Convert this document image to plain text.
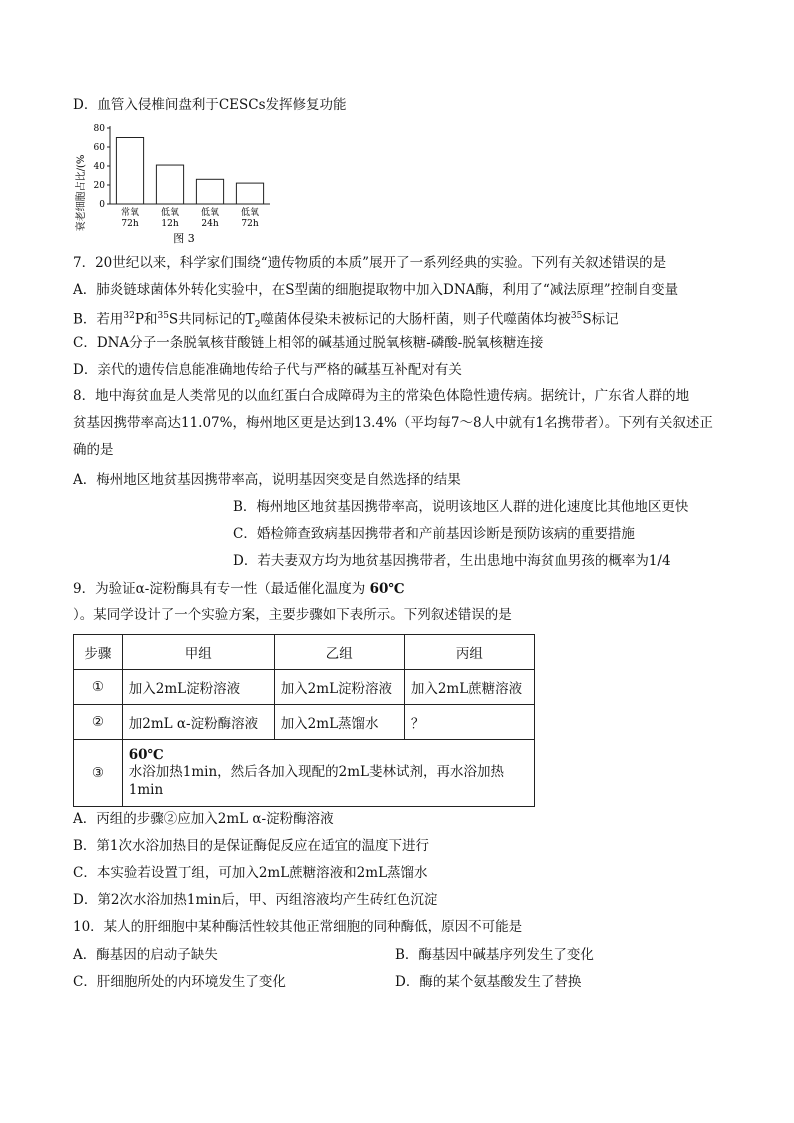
D．血管入侵椎间盘利于CESCs发挥修复功能
衰老细胞占比/(% 0
20
40
60
80
常氧
72h
低氧
12h
低氧
24h
低氧
72h
图 3
7．20世纪以来，科学家们围绕“遗传物质的本质”展开了一系列经典的实验。下列有关叙述错误的是
A．肺炎链球菌体外转化实验中，在S型菌的细胞提取物中加入DNA酶，利用了“减法原理”控制自变量
B．若用$^{32}$P和$^{35}$S共同标记的$T_2$噬菌体侵染未被标记的大肠杆菌，则子代噬菌体均被$^{35}$S标记
C．DNA分子一条脱氧核苷酸链上相邻的碱基通过脱氧核糖-磷酸-脱氧核糖连接
D．亲代的遗传信息能准确地传给子代与严格的碱基互补配对有关
8．地中海贫血是人类常见的以血红蛋白合成障碍为主的常染色体隐性遗传病。据统计，广东省人群的地
贫基因携带率高达11.07%，梅州地区更是达到13.4%（平均每7～8人中就有1名携带者）。下列有关叙述正
确的是
A．梅州地区地贫基因携带率高，说明基因突变是自然选择的结果
B．梅州地区地贫基因携带率高，说明该地区人群的进化速度比其他地区更快
C．婚检筛查致病基因携带者和产前基因诊断是预防该病的重要措施
D．若夫妻双方均为地贫基因携带者，生出患地中海贫血男孩的概率为1/4
9．为验证α-淀粉酶具有专一性（最适催化温度为 60℃
）。某同学设计了一个实验方案，主要步骤如下表所示。下列叙述错误的是
步骤	甲组	乙组	丙组
①	加入2mL淀粉溶液	加入2mL淀粉溶液	加入2mL蔗糖溶液
②	加2mL α-淀粉酶溶液	加入2mL蒸馏水	？
③	60℃
水浴加热1min，然后各加入现配的2mL斐林试剂，再水浴加热1min		
A．丙组的步骤②应加入2mL α-淀粉酶溶液
B．第1次水浴加热目的是保证酶促反应在适宜的温度下进行
C．本实验若设置丁组，可加入2mL蔗糖溶液和2mL蒸馏水
D．第2次水浴加热1min后，甲、丙组溶液均产生砖红色沉淀
10．某人的肝细胞中某种酶活性较其他正常细胞的同种酶低，原因不可能是
A．酶基因的启动子缺失	B．酶基因中碱基序列发生了变化
C．肝细胞所处的内环境发生了变化	D．酶的某个氨基酸发生了替换
